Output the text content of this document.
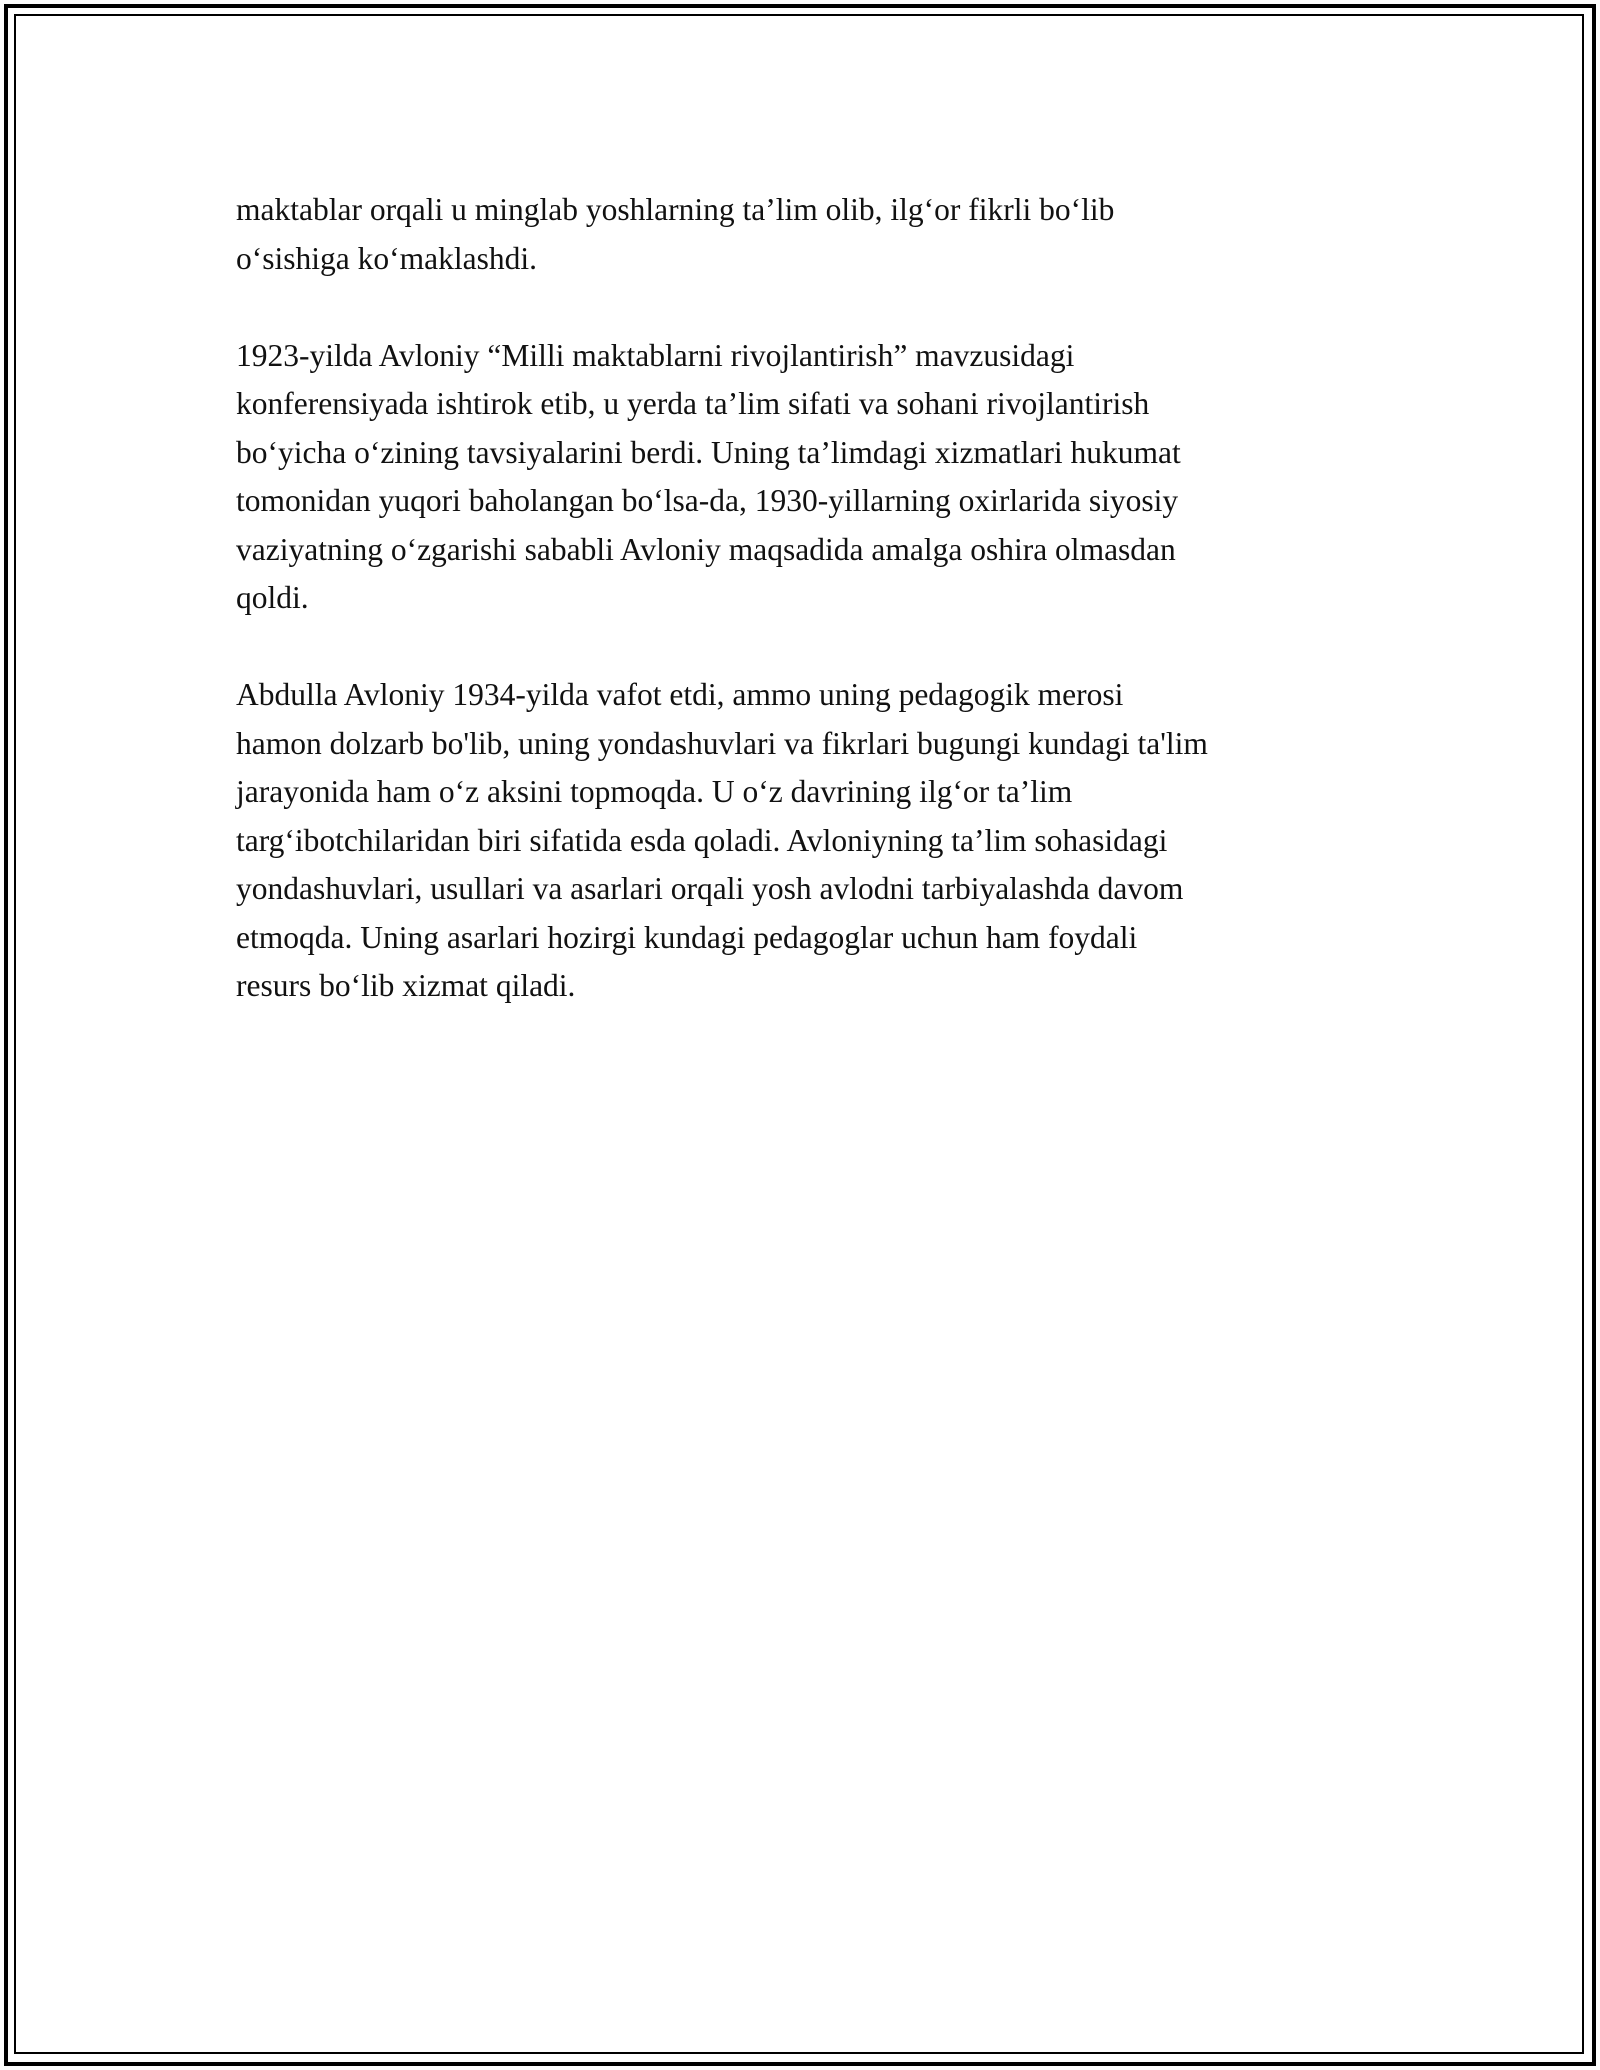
maktablar orqali u minglab yoshlarning ta’lim olib, ilg‘or fikrli bo‘lib
o‘sishiga ko‘maklashdi.

1923-yilda Avloniy “Milli maktablarni rivojlantirish” mavzusidagi
konferensiyada ishtirok etib, u yerda ta’lim sifati va sohani rivojlantirish
bo‘yicha o‘zining tavsiyalarini berdi. Uning ta’limdagi xizmatlari hukumat
tomonidan yuqori baholangan bo‘lsa-da, 1930-yillarning oxirlarida siyosiy
vaziyatning o‘zgarishi sababli Avloniy maqsadida amalga oshira olmasdan
qoldi.

Abdulla Avloniy 1934-yilda vafot etdi, ammo uning pedagogik merosi
hamon dolzarb bo'lib, uning yondashuvlari va fikrlari bugungi kundagi ta'lim
jarayonida ham o‘z aksini topmoqda. U o‘z davrining ilg‘or ta’lim
targ‘ibotchilaridan biri sifatida esda qoladi. Avloniyning ta’lim sohasidagi
yondashuvlari, usullari va asarlari orqali yosh avlodni tarbiyalashda davom
etmoqda. Uning asarlari hozirgi kundagi pedagoglar uchun ham foydali
resurs bo‘lib xizmat qiladi.
